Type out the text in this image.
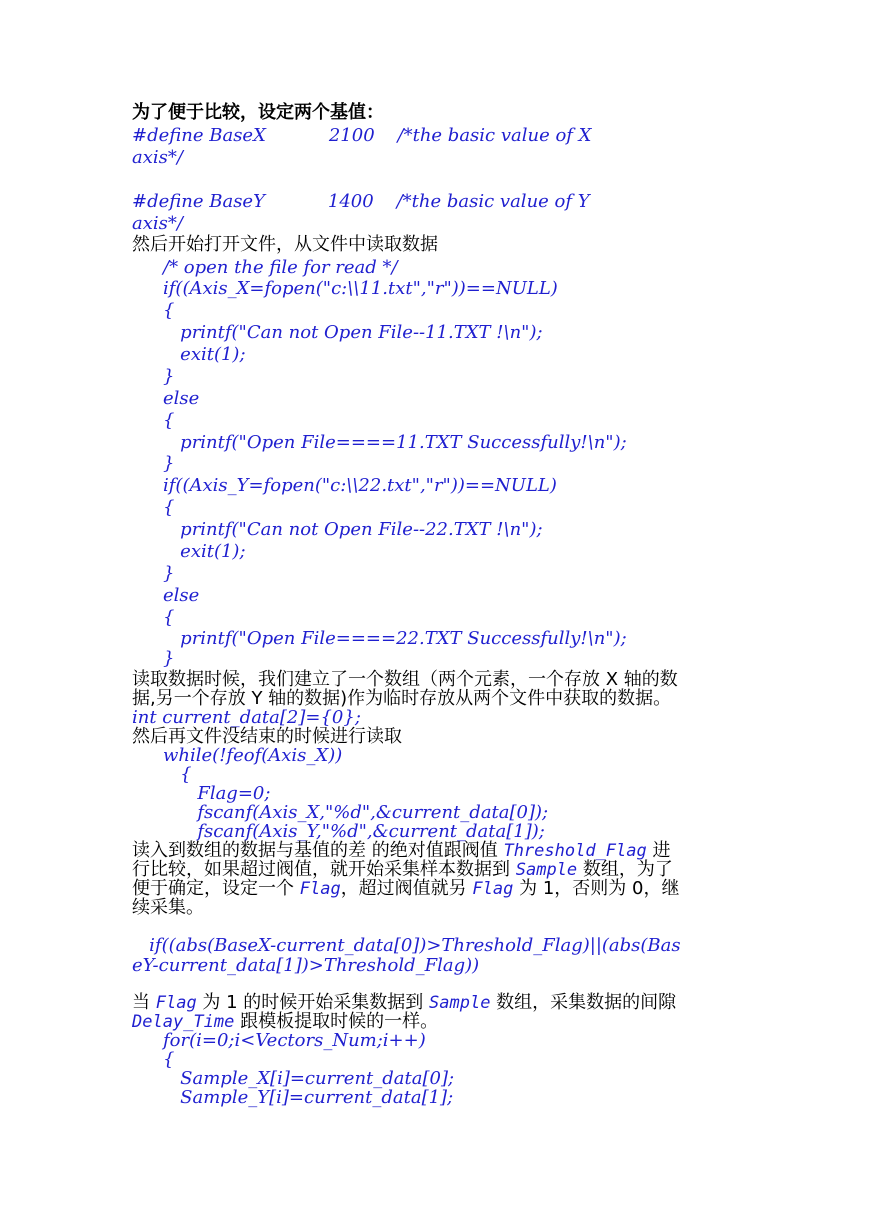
为了便于比较，设定两个基值：
#define BaseX           2100    /*the basic value of X
axis*/
#define BaseY           1400    /*the basic value of Y
axis*/
然后开始打开文件，从文件中读取数据
/* open the file for read */
if((Axis_X=fopen("c:\\11.txt","r"))==NULL)
{
printf("Can not Open File--11.TXT !\n");
exit(1);
}
else
{
printf("Open File====11.TXT Successfully!\n");
}
if((Axis_Y=fopen("c:\\22.txt","r"))==NULL)
{
printf("Can not Open File--22.TXT !\n");
exit(1);
}
else
{
printf("Open File====22.TXT Successfully!\n");
}
读取数据时候，我们建立了一个数组（两个元素，一个存放 X 轴的数
据,另一个存放 Y 轴的数据)作为临时存放从两个文件中获取的数据。
int current_data[2]={0};
然后再文件没结束的时候进行读取
while(!feof(Axis_X))
{
Flag=0;
fscanf(Axis_X,"%d",&current_data[0]);
fscanf(Axis_Y,"%d",&current_data[1]);
读入到数组的数据与基值的差 的绝对值跟阀值 Threshold_Flag 进
行比较，如果超过阀值，就开始采集样本数据到 Sample 数组，为了
便于确定，设定一个 Flag，超过阀值就另 Flag 为 1，否则为 0，继
续采集。
if((abs(BaseX-current_data[0])>Threshold_Flag)||(abs(Bas
eY-current_data[1])>Threshold_Flag))
当 Flag 为 1 的时候开始采集数据到 Sample 数组，采集数据的间隙
Delay_Time 跟模板提取时候的一样。
for(i=0;i<Vectors_Num;i++)
{
Sample_X[i]=current_data[0];
Sample_Y[i]=current_data[1];
